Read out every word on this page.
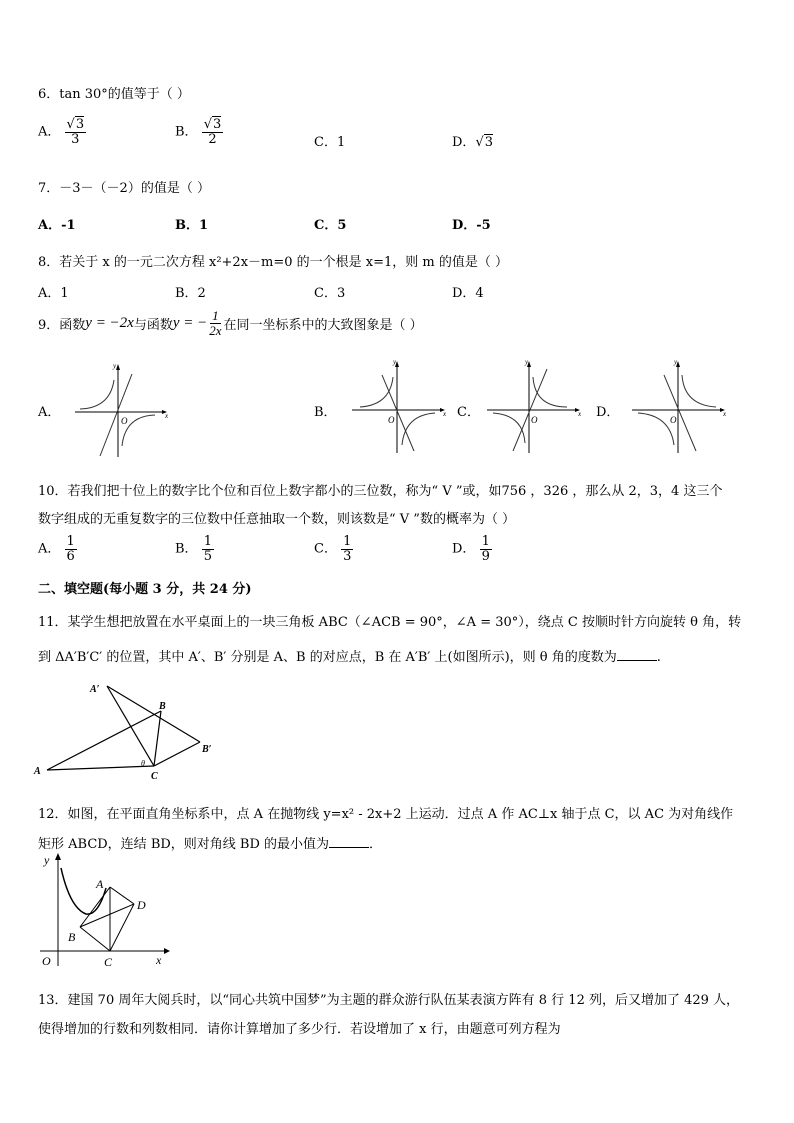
6．tan 30°的值等于（ ）
A． $\frac{√3}{3}$	B． $\frac{√3}{2}$	C．1	D．√3
7．－3－（－2）的值是（ ）
A．-1	B．1	C．5	D．-5
8．若关于 x 的一元二次方程 x²+2x－m=0 的一个根是 x=1，则 m 的值是（ ）
A．1	B．2	C．3	D．4
9．函数 y = −2x 与函数 y = − $\frac{1}{2x}$ 在同一坐标系中的大致图象是（ ）
A．	B．	C．	D．
x
y
O
x
y
O
x
y
O
x
y
O
10．若我们把十位上的数字比个位和百位上数字都小的三位数，称为“ V ”或，如756 ，326 ，那么从 2，3，4 这三个
数字组成的无重复数字的三位数中任意抽取一个数，则该数是“ V ”数的概率为（ ）
A． $\frac{1}{6}$	B． $\frac{1}{5}$	C． $\frac{1}{3}$	D． $\frac{1}{9}$
二、填空题(每小题 3 分，共 24 分)
11．某学生想把放置在水平桌面上的一块三角板 ABC（∠ACB = 90°，∠A = 30°），绕点 C 按顺时针方向旋转 θ 角，转
到 ΔA′B′C′ 的位置，其中 A′、B′ 分别是 A、B 的对应点，B 在 A′B′ 上(如图所示)，则 θ 角的度数为	.
A
B
C
A′
B′
θ
12．如图，在平面直角坐标系中，点 A 在抛物线 y=x² - 2x+2 上运动．过点 A 作 AC⊥x 轴于点 C，以 AC 为对角线作
矩形 ABCD，连结 BD，则对角线 BD 的最小值为	．
y
x
O
A
B
C
D
13．建国 70 周年大阅兵时，以“同心共筑中国梦”为主题的群众游行队伍某表演方阵有 8 行 12 列，后又增加了 429 人，
使得增加的行数和列数相同．请你计算增加了多少行．若设增加了 x 行，由题意可列方程为
